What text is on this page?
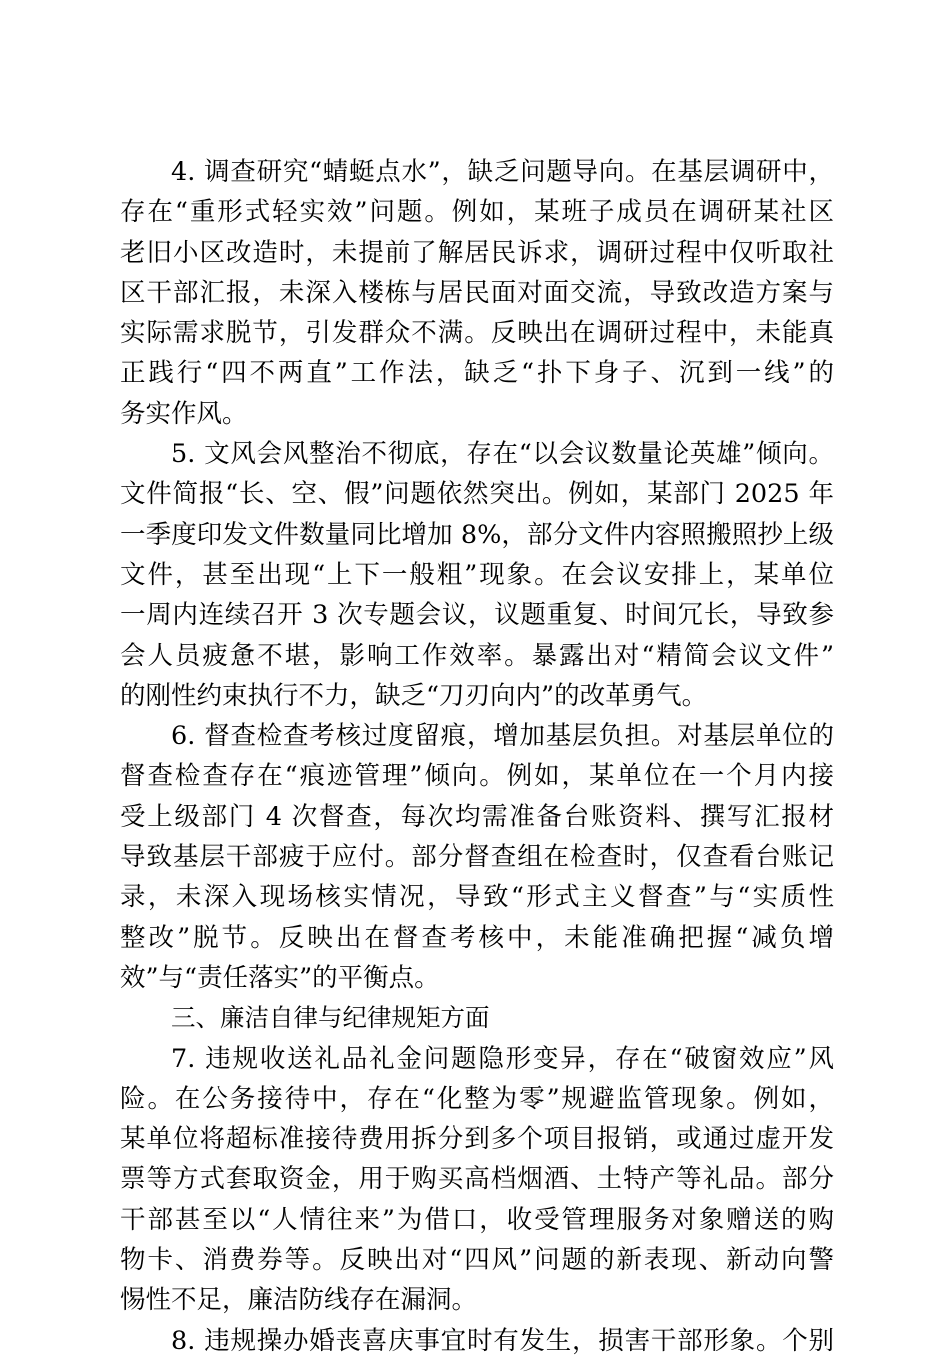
4. 调查研究“蜻蜓点水”，缺乏问题导向。在基层调研中，
存在“重形式轻实效”问题。例如，某班子成员在调研某社区
老旧小区改造时，未提前了解居民诉求，调研过程中仅听取社
区干部汇报，未深入楼栋与居民面对面交流，导致改造方案与
实际需求脱节，引发群众不满。反映出在调研过程中，未能真
正践行“四不两直”工作法，缺乏“扑下身子、沉到一线”的
务实作风。
5. 文风会风整治不彻底，存在“以会议数量论英雄”倾向。
文件简报“长、空、假”问题依然突出。例如，某部门 2025 年
一季度印发文件数量同比增加 8%，部分文件内容照搬照抄上级
文件，甚至出现“上下一般粗”现象。在会议安排上，某单位
一周内连续召开 3 次专题会议，议题重复、时间冗长，导致参
会人员疲惫不堪，影响工作效率。暴露出对“精简会议文件”
的刚性约束执行不力，缺乏“刀刃向内”的改革勇气。
6. 督查检查考核过度留痕，增加基层负担。对基层单位的
督查检查存在“痕迹管理”倾向。例如，某单位在一个月内接
受上级部门 4 次督查，每次均需准备台账资料、撰写汇报材
导致基层干部疲于应付。部分督查组在检查时，仅查看台账记
录，未深入现场核实情况，导致“形式主义督查”与“实质性
整改”脱节。反映出在督查考核中，未能准确把握“减负增
效”与“责任落实”的平衡点。
三、廉洁自律与纪律规矩方面
7. 违规收送礼品礼金问题隐形变异，存在“破窗效应”风
险。在公务接待中，存在“化整为零”规避监管现象。例如，
某单位将超标准接待费用拆分到多个项目报销，或通过虚开发
票等方式套取资金，用于购买高档烟酒、土特产等礼品。部分
干部甚至以“人情往来”为借口，收受管理服务对象赠送的购
物卡、消费券等。反映出对“四风”问题的新表现、新动向警
惕性不足，廉洁防线存在漏洞。
8. 违规操办婚丧喜庆事宜时有发生，损害干部形象。个别
